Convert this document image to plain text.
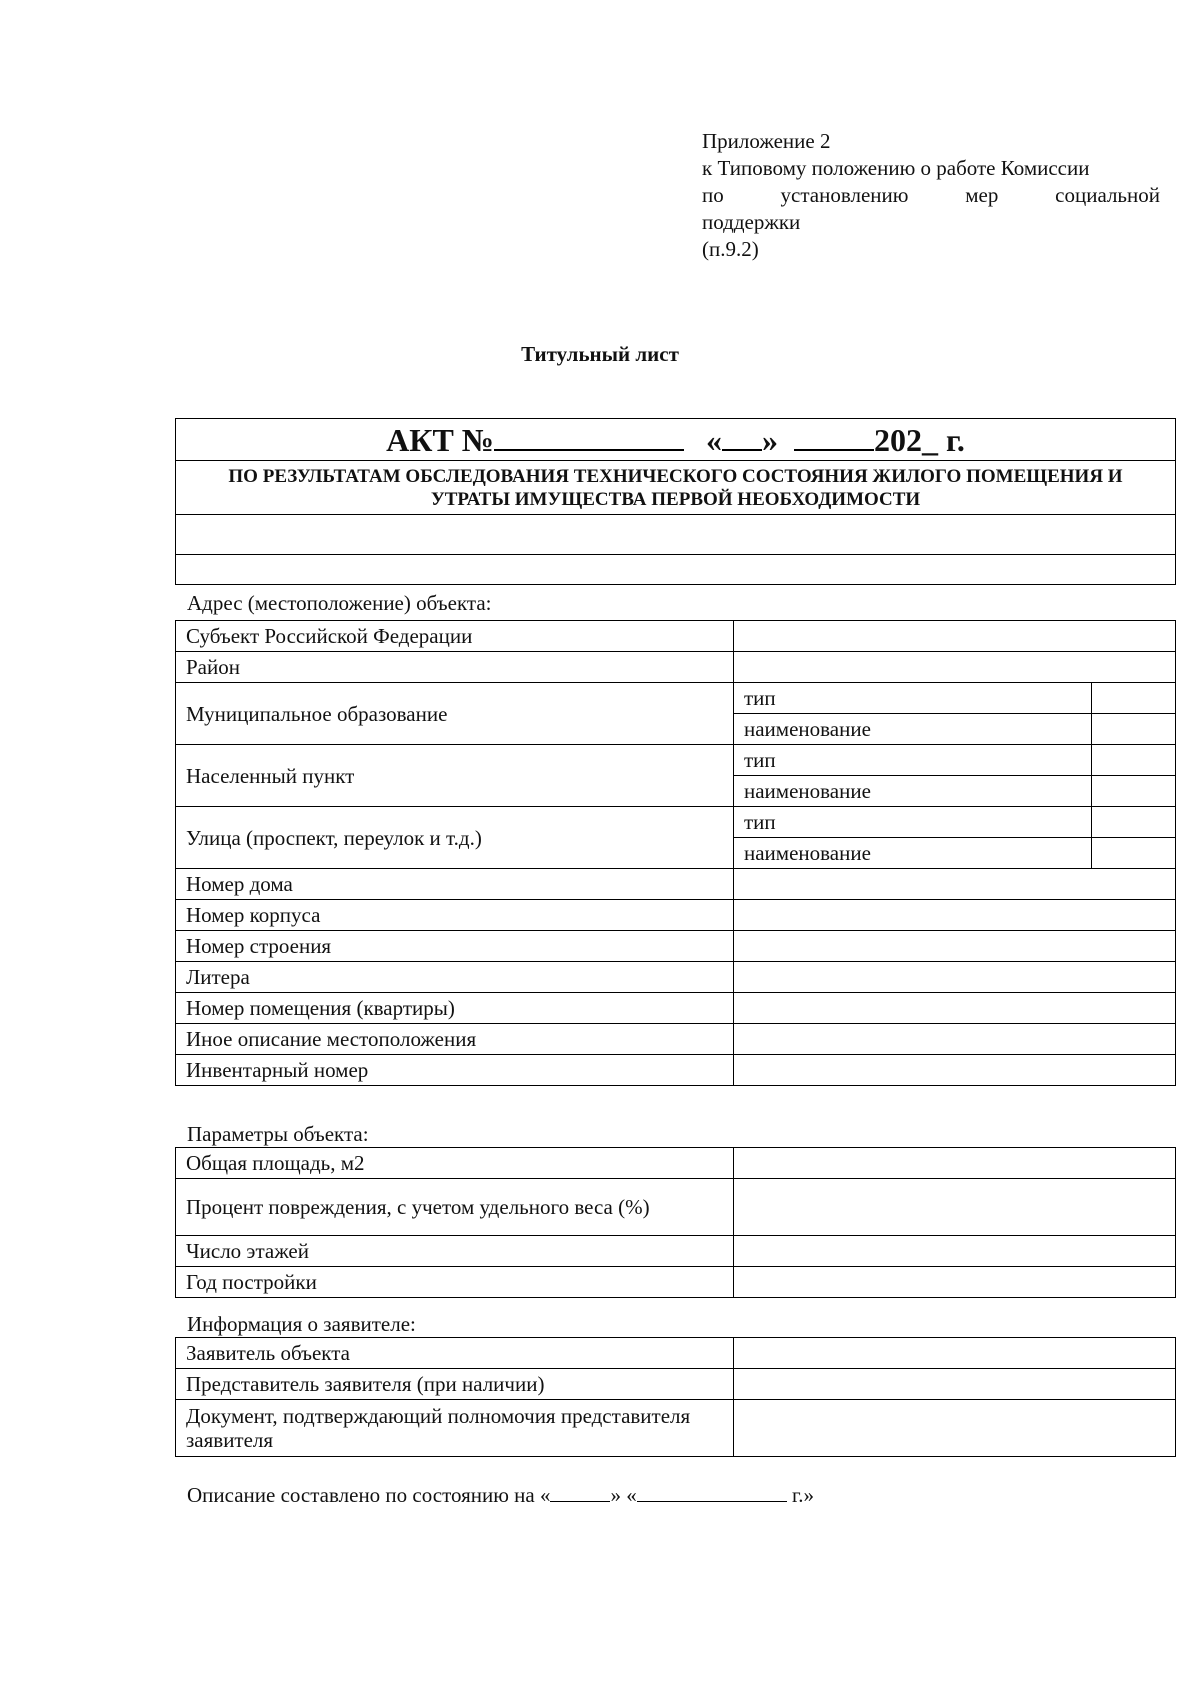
Приложение 2
к Типовому положению о работе Комиссии
по	установлению	мер	социальной
поддержки
(п.9.2)
Титульный лист
АКТ №	« »	202_ г.
ПО РЕЗУЛЬТАТАМ ОБСЛЕДОВАНИЯ ТЕХНИЧЕСКОГО СОСТОЯНИЯ ЖИЛОГО ПОМЕЩЕНИЯ И
УТРАТЫ ИМУЩЕСТВА ПЕРВОЙ НЕОБХОДИМОСТИ
Адрес (местоположение) объекта:
Субъект Российской Федерации		
Район		
Муниципальное образование	тип	
	наименование	
Населенный пункт	тип	
	наименование	
Улица (проспект, переулок и т.д.)	тип	
	наименование	
Номер дома		
Номер корпуса		
Номер строения		
Литера		
Номер помещения (квартиры)		
Иное описание местоположения		
Инвентарный номер		
Параметры объекта:
Общая площадь, м2	
Процент повреждения, с учетом удельного веса (%)	
Число этажей	
Год постройки	
Информация о заявителе:
Заявитель объекта	
Представитель заявителя (при наличии)	
Документ, подтверждающий полномочия представителя заявителя	
Описание составлено по состоянию на «	» «	г.»
